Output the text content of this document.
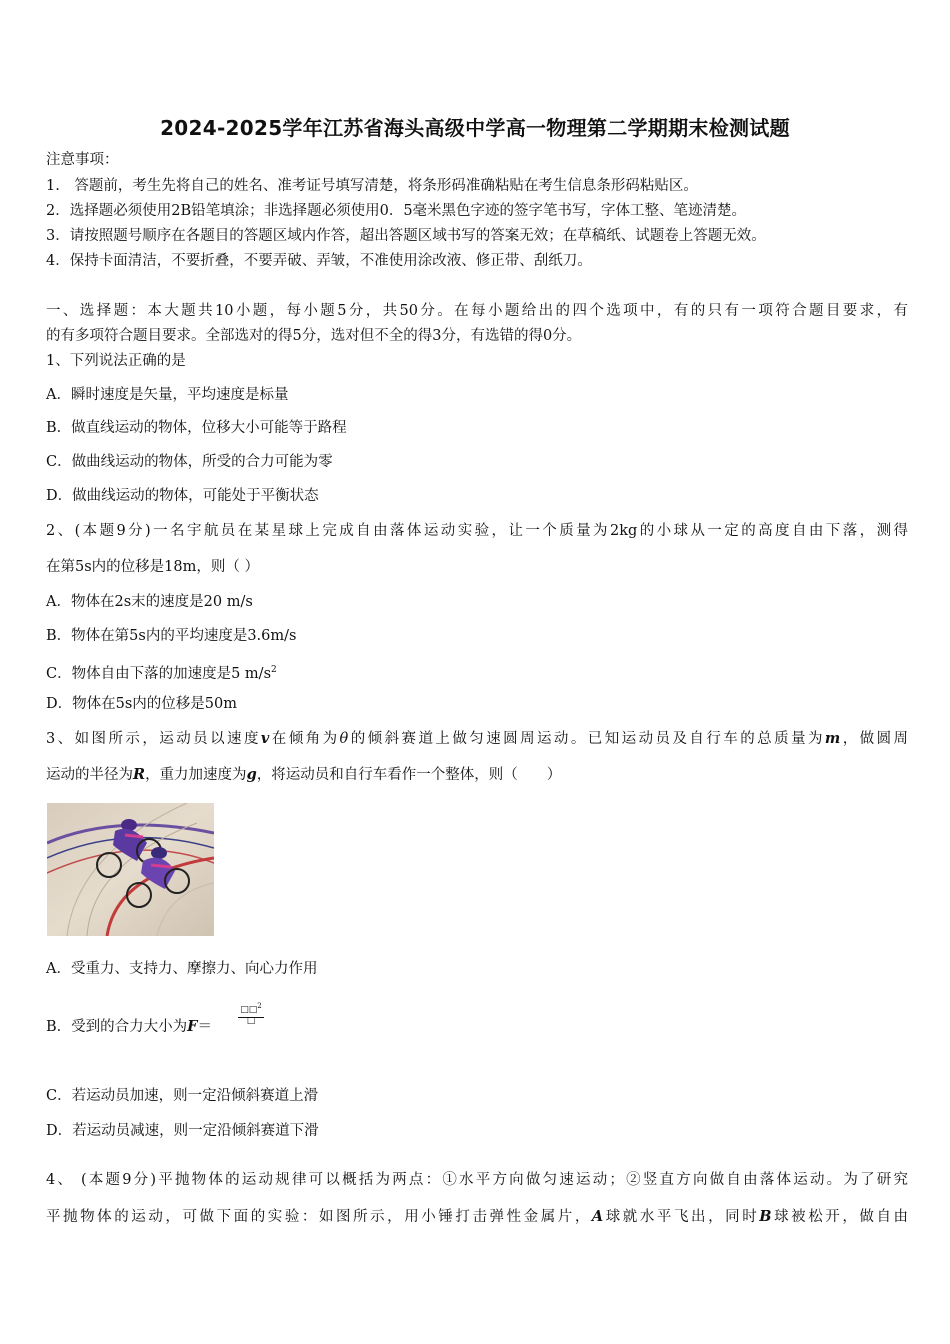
2024-2025学年江苏省海头高级中学高一物理第二学期期末检测试题
注意事项：
1.　答题前，考生先将自己的姓名、准考证号填写清楚，将条形码准确粘贴在考生信息条形码粘贴区。
2．选择题必须使用2B铅笔填涂；非选择题必须使用0．5毫米黑色字迹的签字笔书写，字体工整、笔迹清楚。
3．请按照题号顺序在各题目的答题区域内作答，超出答题区域书写的答案无效；在草稿纸、试题卷上答题无效。
4．保持卡面清洁，不要折叠，不要弄破、弄皱，不准使用涂改液、修正带、刮纸刀。
一、选择题：本大题共10小题，每小题5分，共50分。在每小题给出的四个选项中，有的只有一项符合题目要求，有
的有多项符合题目要求。全部选对的得5分，选对但不全的得3分，有选错的得0分。
1、下列说法正确的是
A．瞬时速度是矢量，平均速度是标量
B．做直线运动的物体，位移大小可能等于路程
C．做曲线运动的物体，所受的合力可能为零
D．做曲线运动的物体，可能处于平衡状态
2、(本题9分)一名宇航员在某星球上完成自由落体运动实验，让一个质量为2kg的小球从一定的高度自由下落，测得
在第5s内的位移是18m，则（ ）
A．物体在2s末的速度是20 m/s
B．物体在第5s内的平均速度是3.6m/s
C．物体自由下落的加速度是5 $m/s^2$
D．物体在5s内的位移是50m
3、如图所示，运动员以速度v在倾角为θ的倾斜赛道上做匀速圆周运动。已知运动员及自行车的总质量为m，做圆周
运动的半径为R，重力加速度为g，将运动员和自行车看作一个整体，则（　　）
A．受重力、支持力、摩擦力、向心力作用
B．受到的合力大小为F＝
□□$^2$
□
C．若运动员加速，则一定沿倾斜赛道上滑
D．若运动员减速，则一定沿倾斜赛道下滑
4、 (本题9分)平抛物体的运动规律可以概括为两点：①水平方向做匀速运动；②竖直方向做自由落体运动。为了研究
平抛物体的运动，可做下面的实验：如图所示，用小锤打击弹性金属片，A球就水平飞出，同时B球被松开，做自由
